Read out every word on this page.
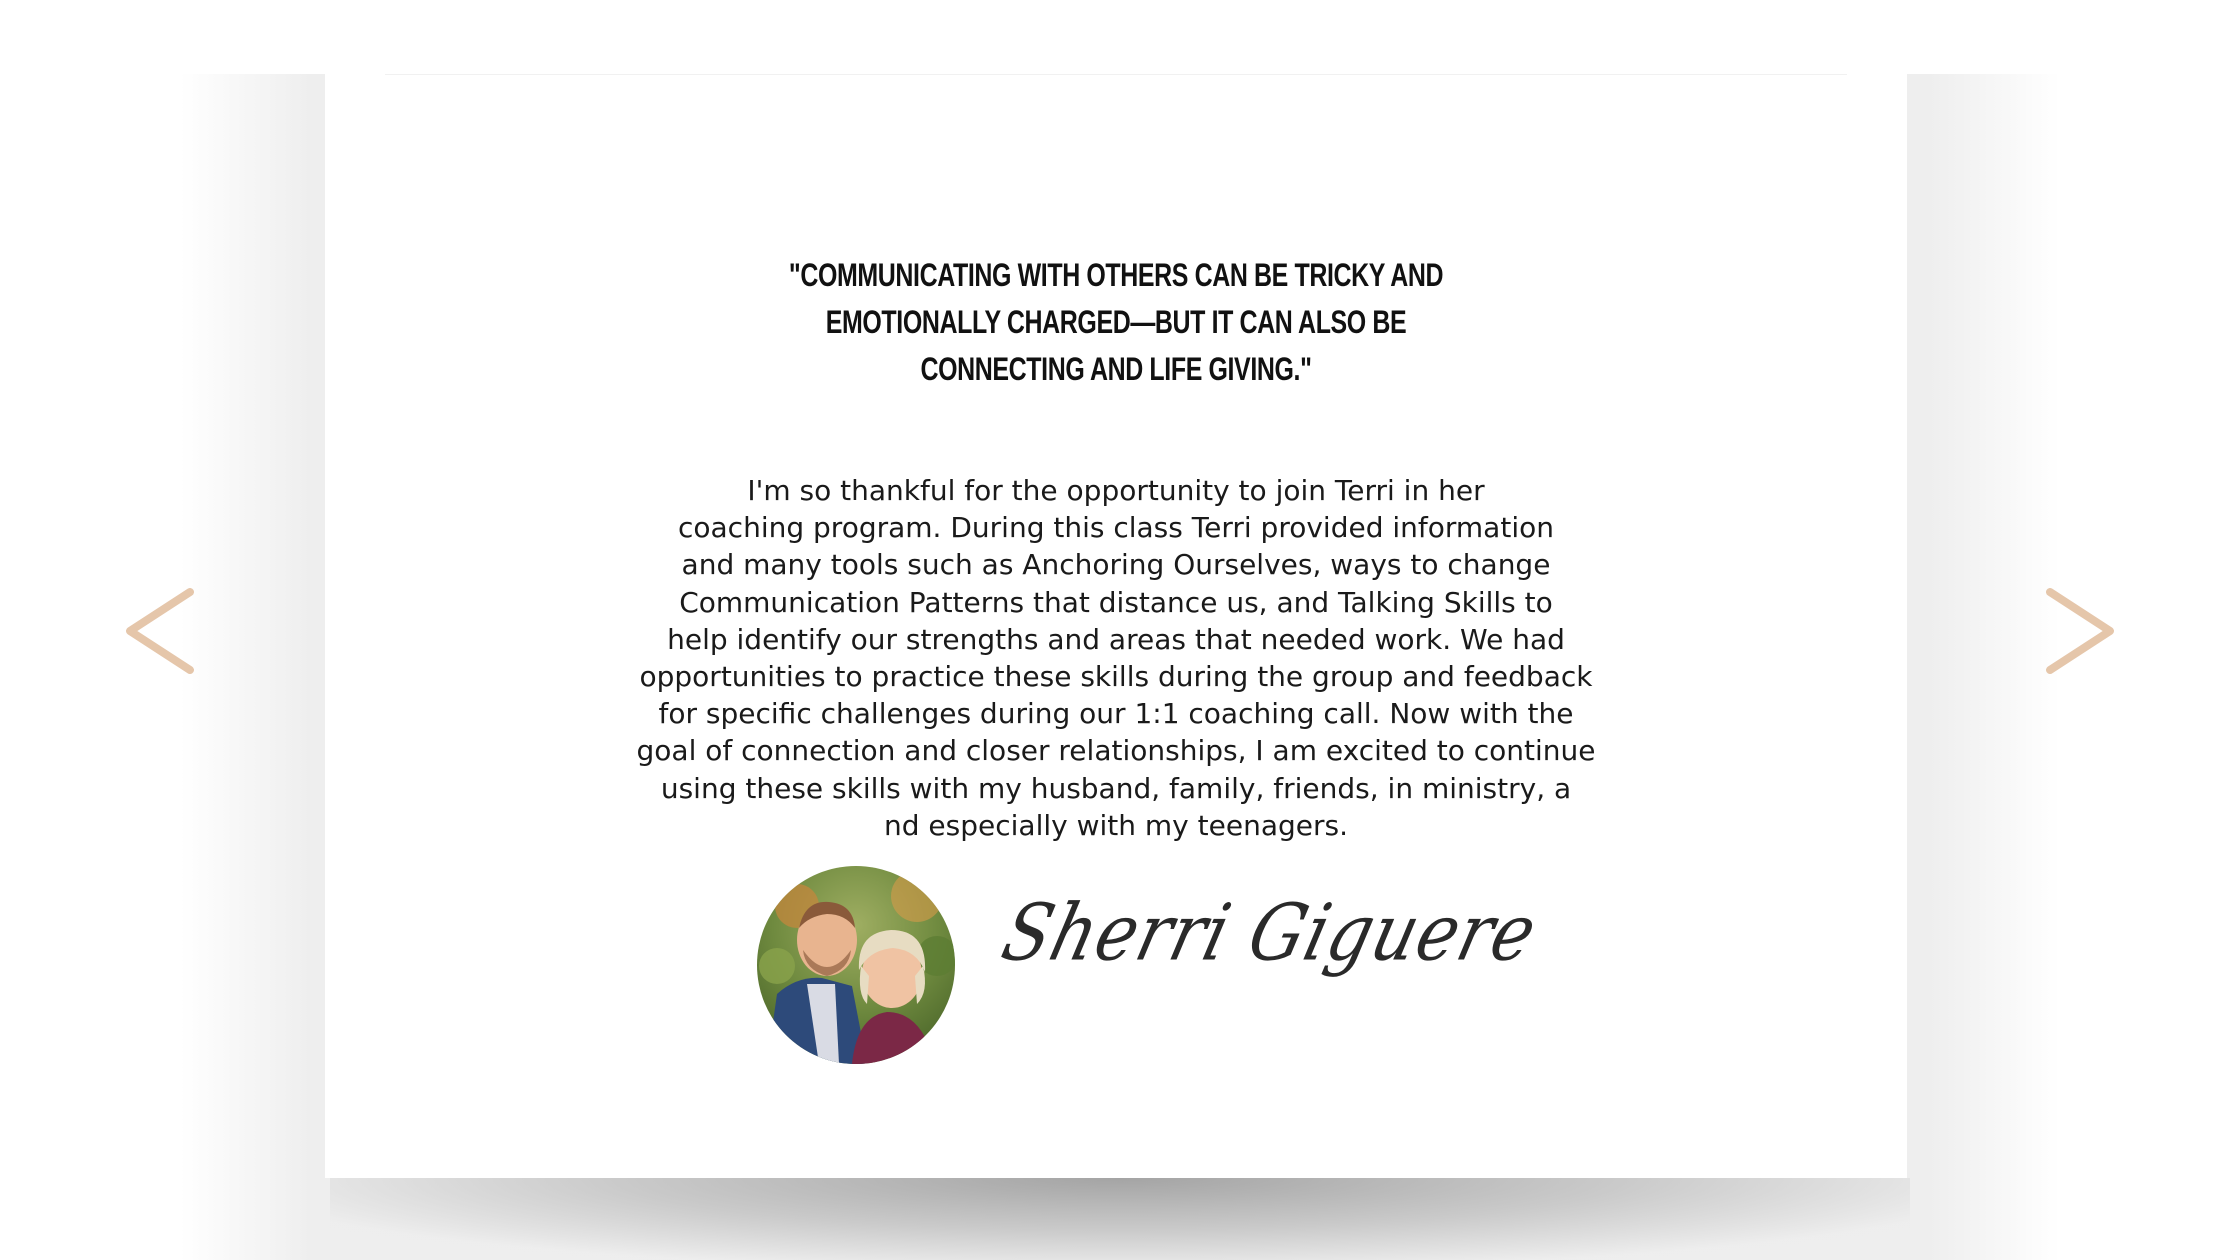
"COMMUNICATING WITH OTHERS CAN BE TRICKY AND
EMOTIONALLY CHARGED—BUT IT CAN ALSO BE
CONNECTING AND LIFE GIVING."
I'm so thankful for the opportunity to join Terri in her
coaching program. During this class Terri provided information
and many tools such as Anchoring Ourselves, ways to change
Communication Patterns that distance us, and Talking Skills to
help identify our strengths and areas that needed work. We had
opportunities to practice these skills during the group and feedback
for specific challenges during our 1:1 coaching call. Now with the
goal of connection and closer relationships, I am excited to continue
using these skills with my husband, family, friends, in ministry, a
nd especially with my teenagers.
Sherri Giguere
